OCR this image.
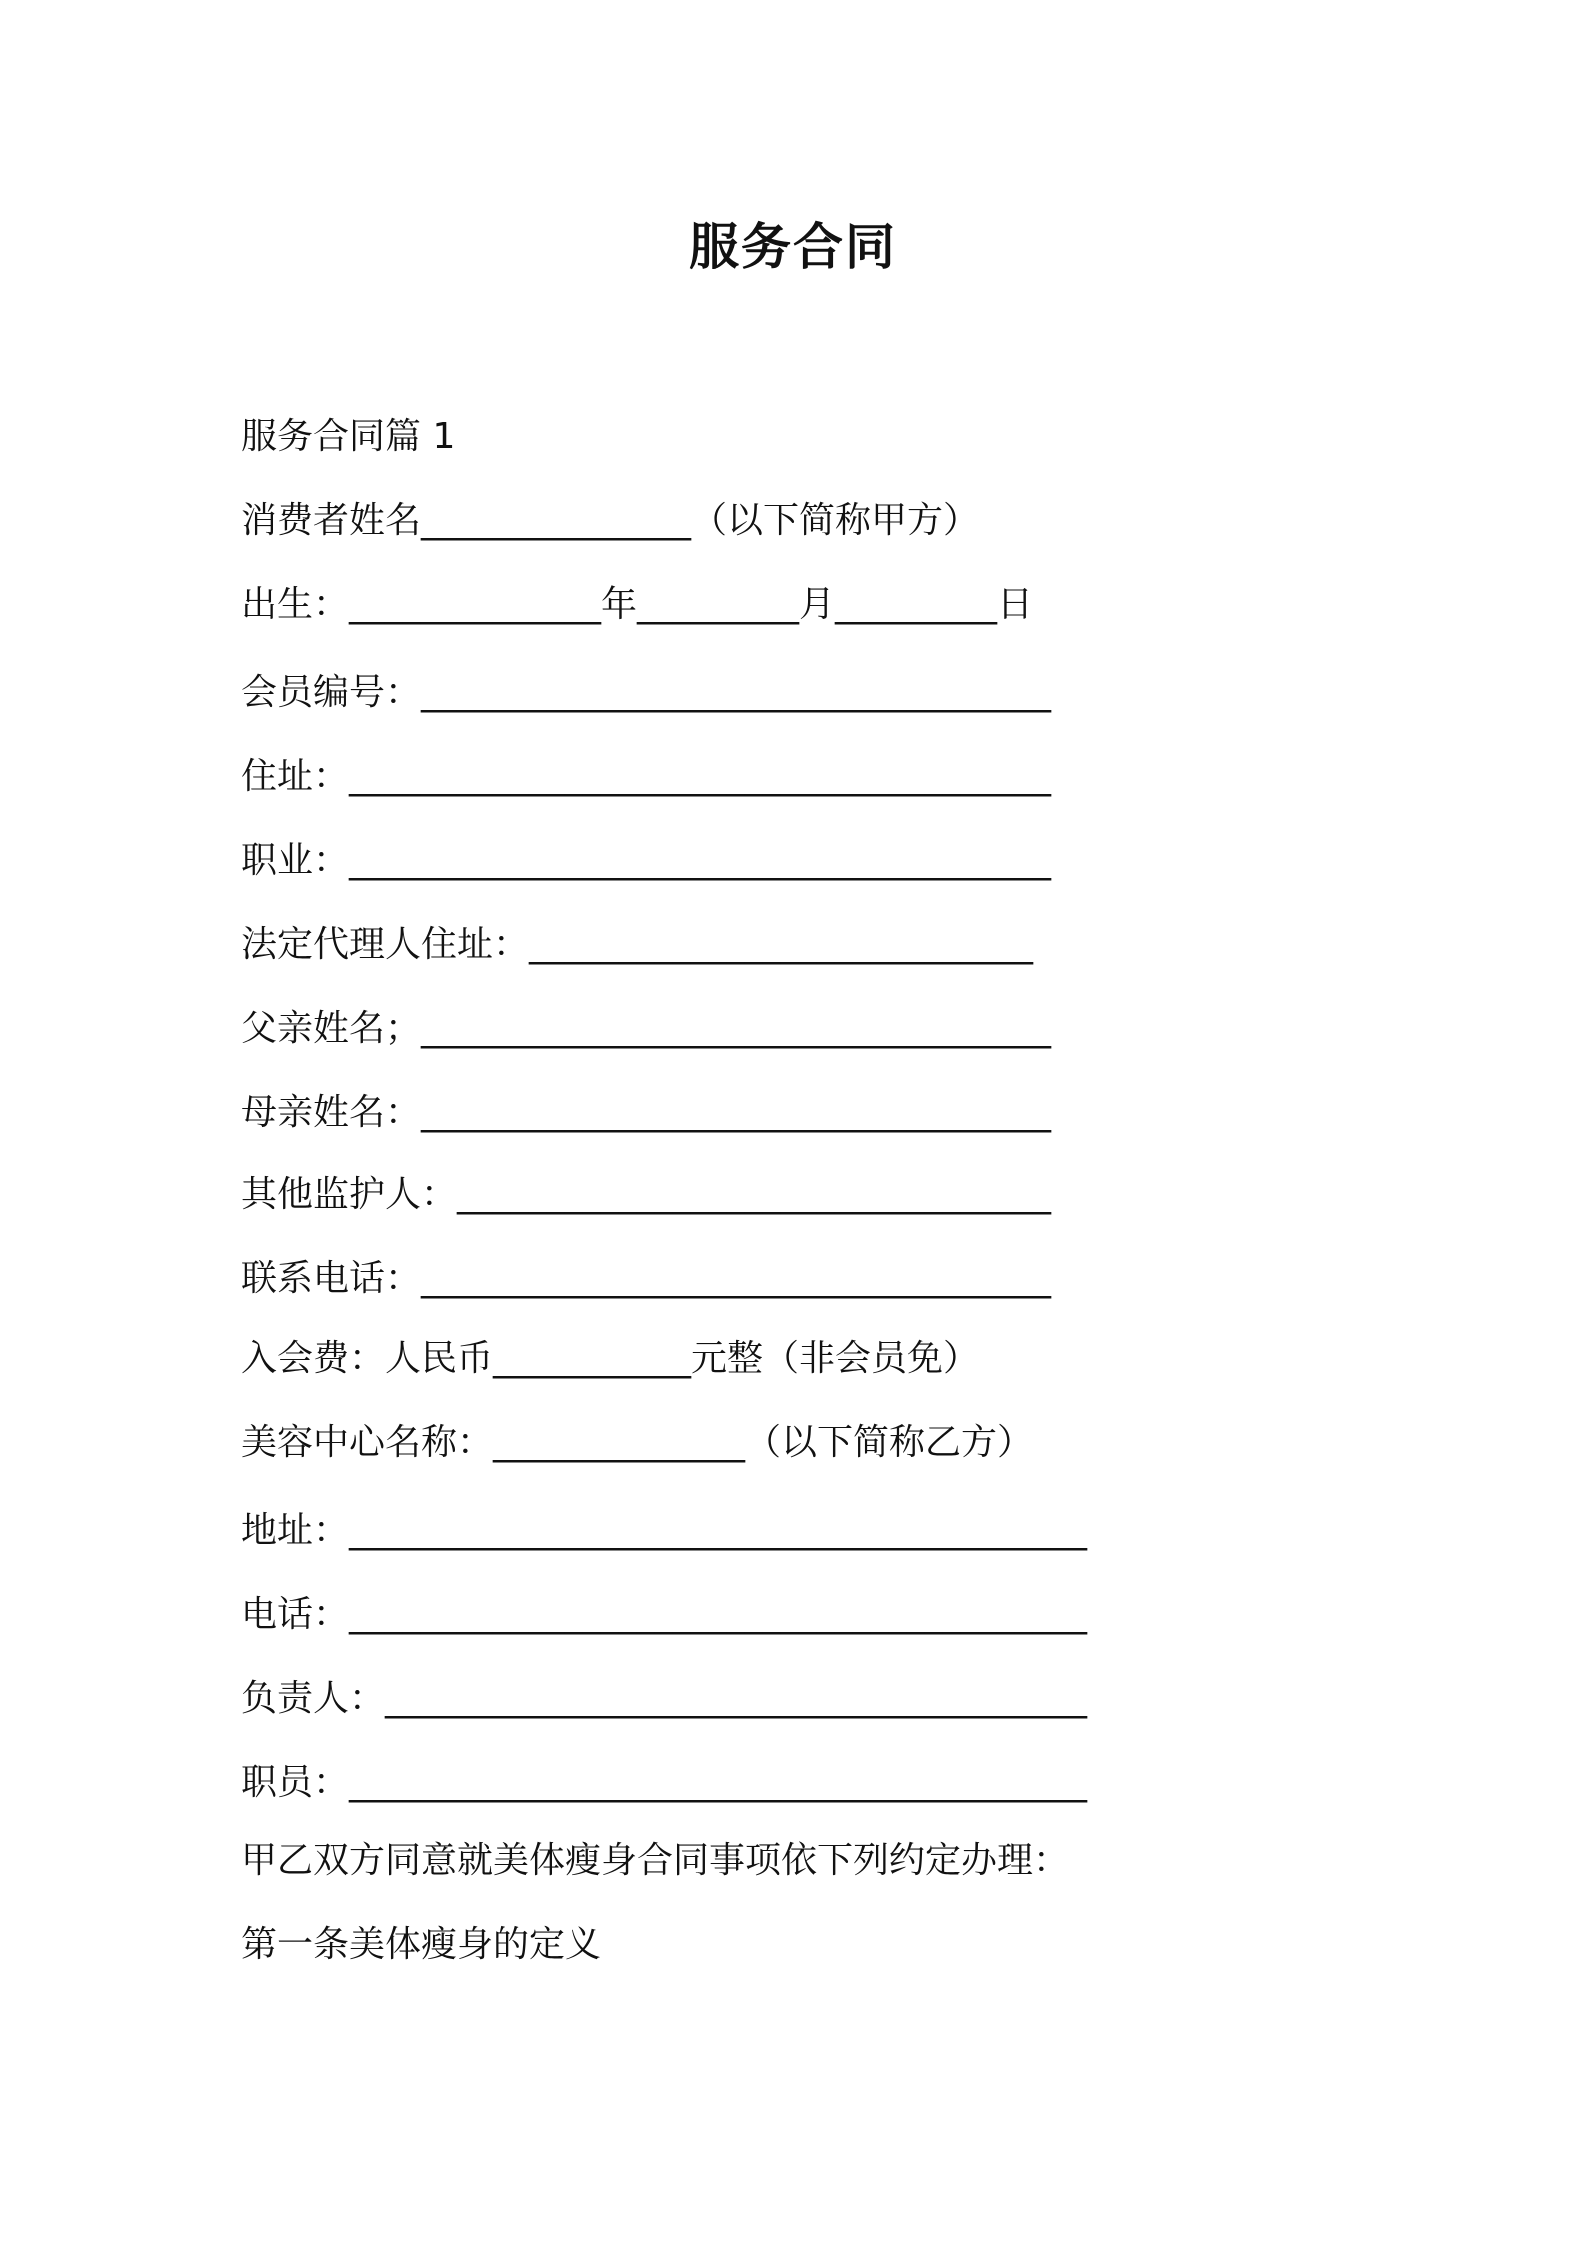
服务合同
服务合同篇 1
消费者姓名_______________（以下简称甲方）
出生：______________年_________月_________日
会员编号：___________________________________
住址：_______________________________________
职业：_______________________________________
法定代理人住址：____________________________
父亲姓名；___________________________________
母亲姓名：___________________________________
其他监护人：_________________________________
联系电话：___________________________________
入会费：人民币___________元整（非会员免）
美容中心名称：______________（以下简称乙方）
地址：_________________________________________
电话：_________________________________________
负责人：_______________________________________
职员：_________________________________________
甲乙双方同意就美体瘦身合同事项依下列约定办理：
第一条美体瘦身的定义
